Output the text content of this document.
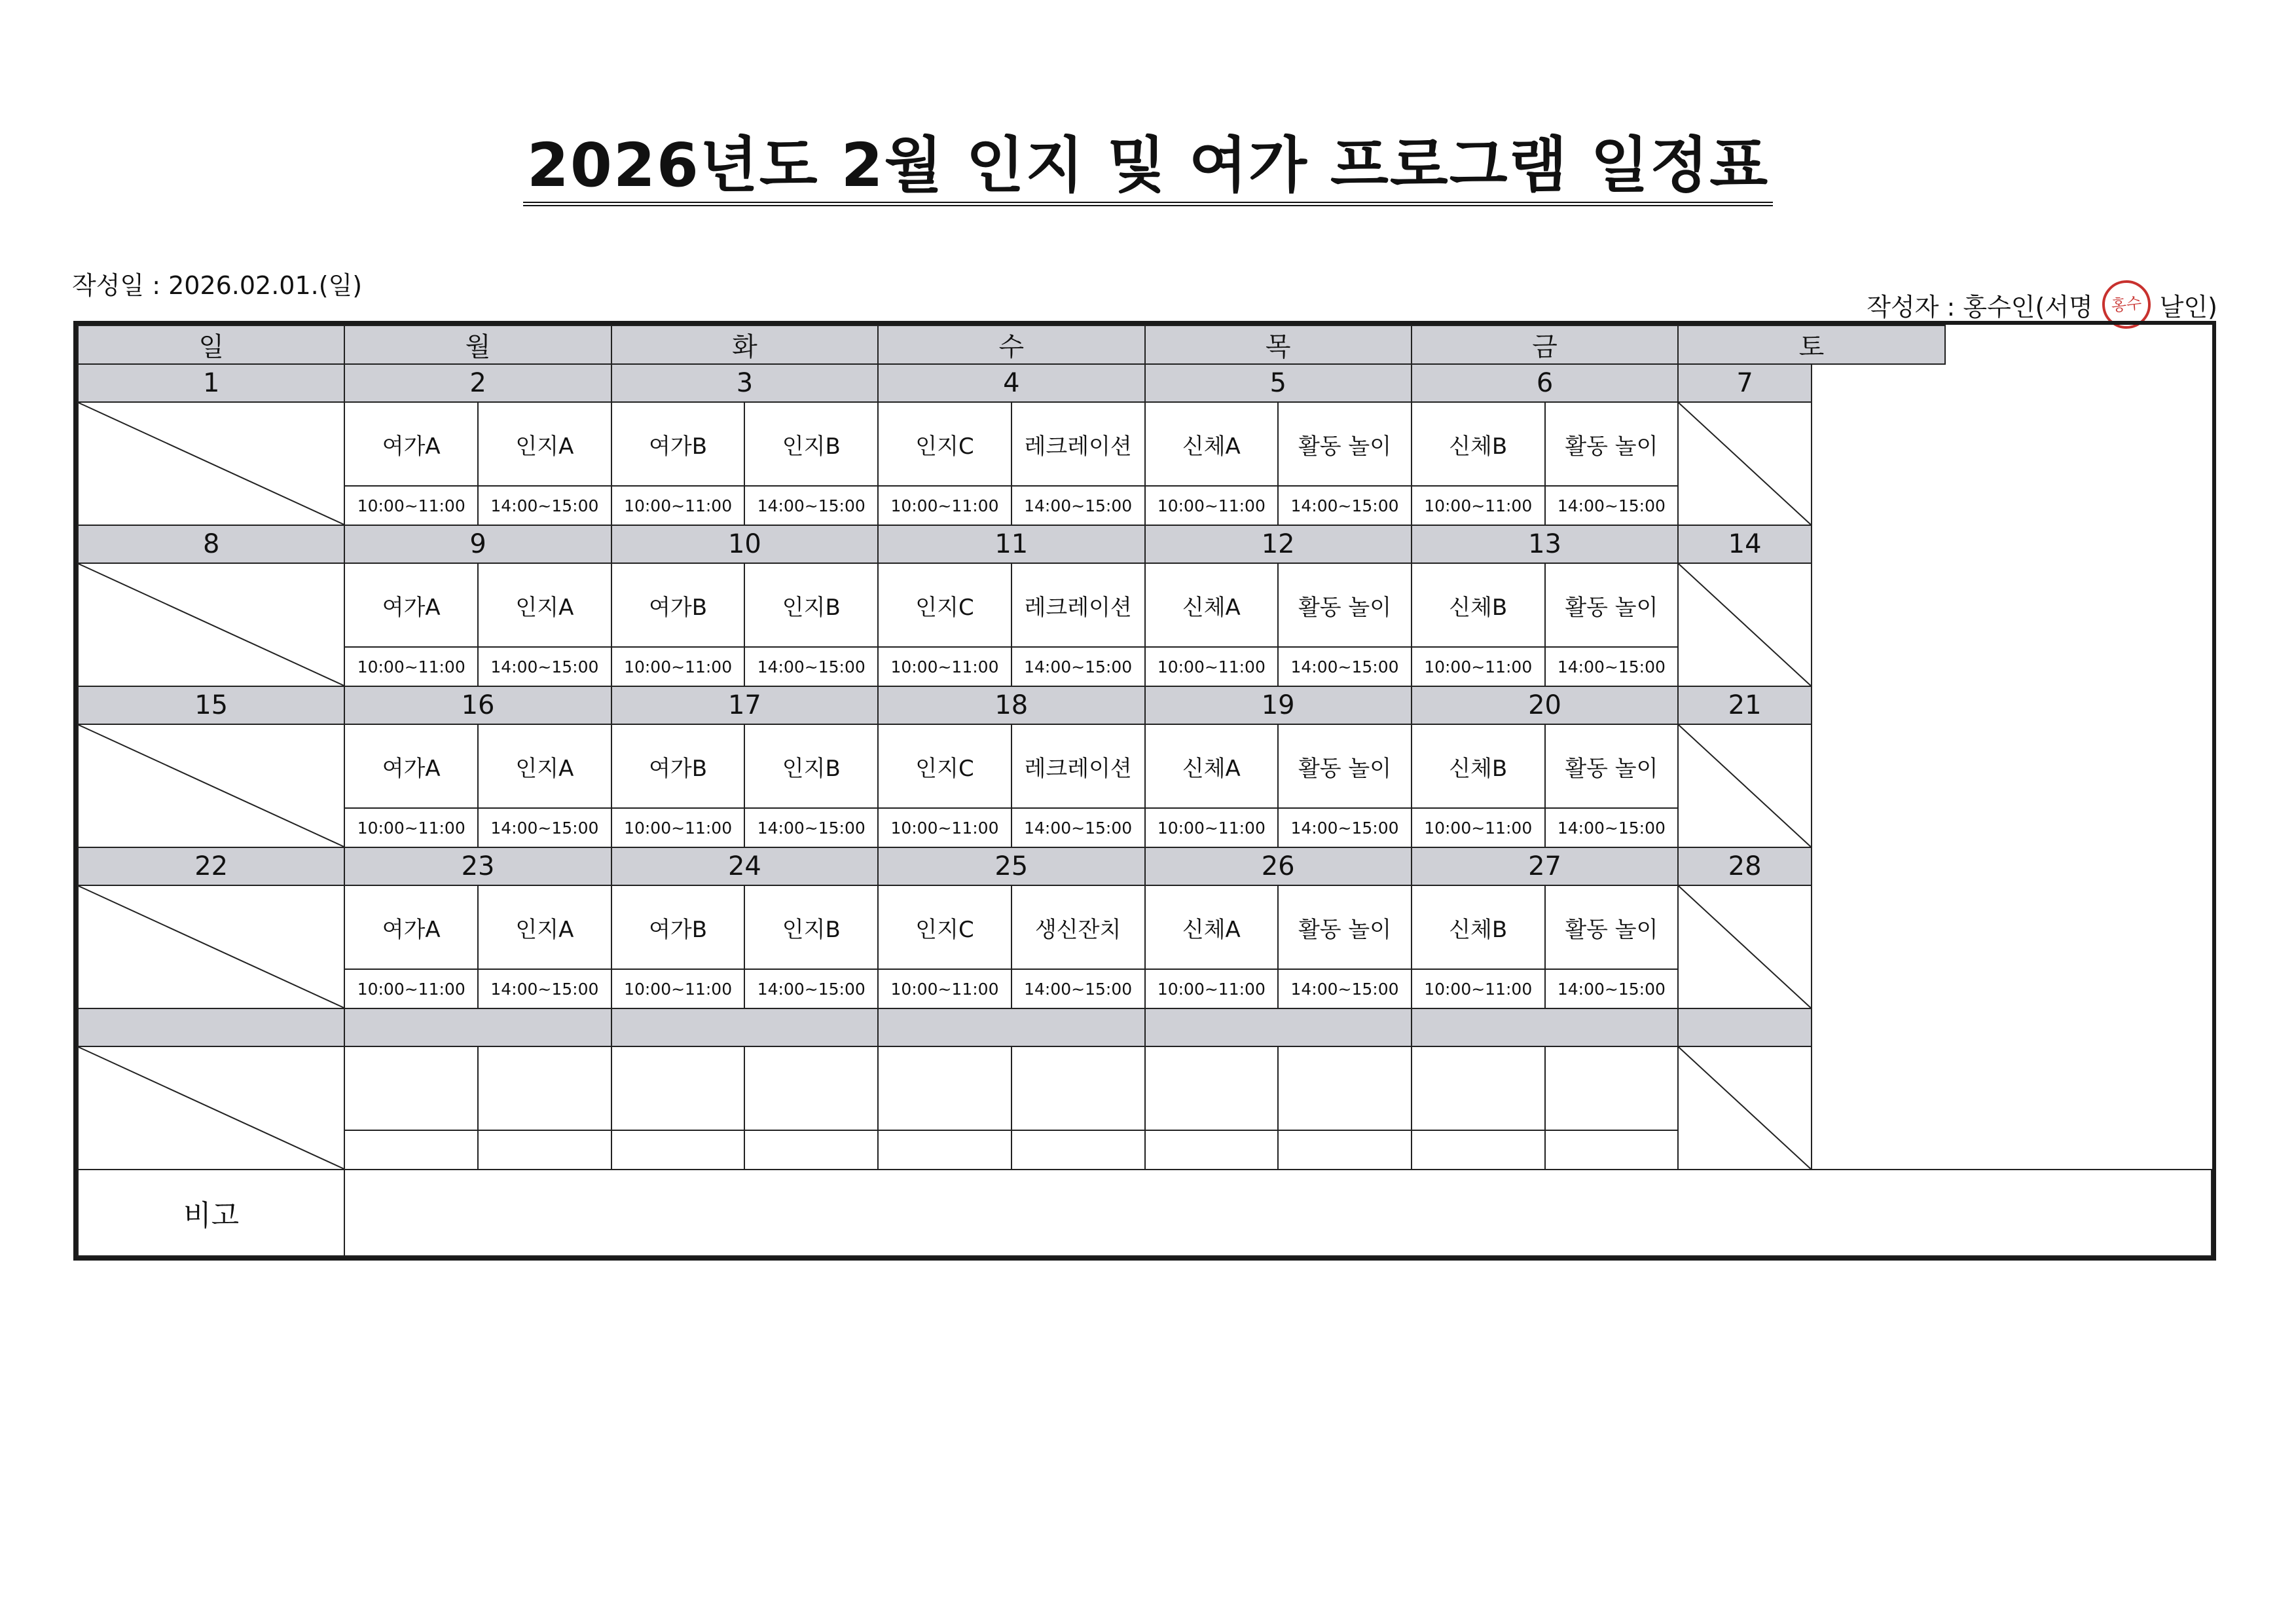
2026년도 2월 인지 및 여가 프로그램 일정표
작성일 : 2026.02.01.(일)
작성자 : 홍수인(서명	홍수 날인)
일	월		화		수		목		금		토
1	2		3		4		5		6		7

	여가A	인지A	여가B	인지B	인지C	레크레이션	신체A	활동 놀이	신체B	활동 놀이	

	10:00~11:00	14:00~15:00	10:00~11:00	14:00~15:00	10:00~11:00	14:00~15:00	10:00~11:00	14:00~15:00	10:00~11:00	14:00~15:00	
8	9		10		11		12		13		14

	여가A	인지A	여가B	인지B	인지C	레크레이션	신체A	활동 놀이	신체B	활동 놀이	

	10:00~11:00	14:00~15:00	10:00~11:00	14:00~15:00	10:00~11:00	14:00~15:00	10:00~11:00	14:00~15:00	10:00~11:00	14:00~15:00	
15	16		17		18		19		20		21

	여가A	인지A	여가B	인지B	인지C	레크레이션	신체A	활동 놀이	신체B	활동 놀이	

	10:00~11:00	14:00~15:00	10:00~11:00	14:00~15:00	10:00~11:00	14:00~15:00	10:00~11:00	14:00~15:00	10:00~11:00	14:00~15:00	
22	23		24		25		26		27		28

	여가A	인지A	여가B	인지B	인지C	생신잔치	신체A	활동 놀이	신체B	활동 놀이	

	10:00~11:00	14:00~15:00	10:00~11:00	14:00~15:00	10:00~11:00	14:00~15:00	10:00~11:00	14:00~15:00	10:00~11:00	14:00~15:00	

비고											
